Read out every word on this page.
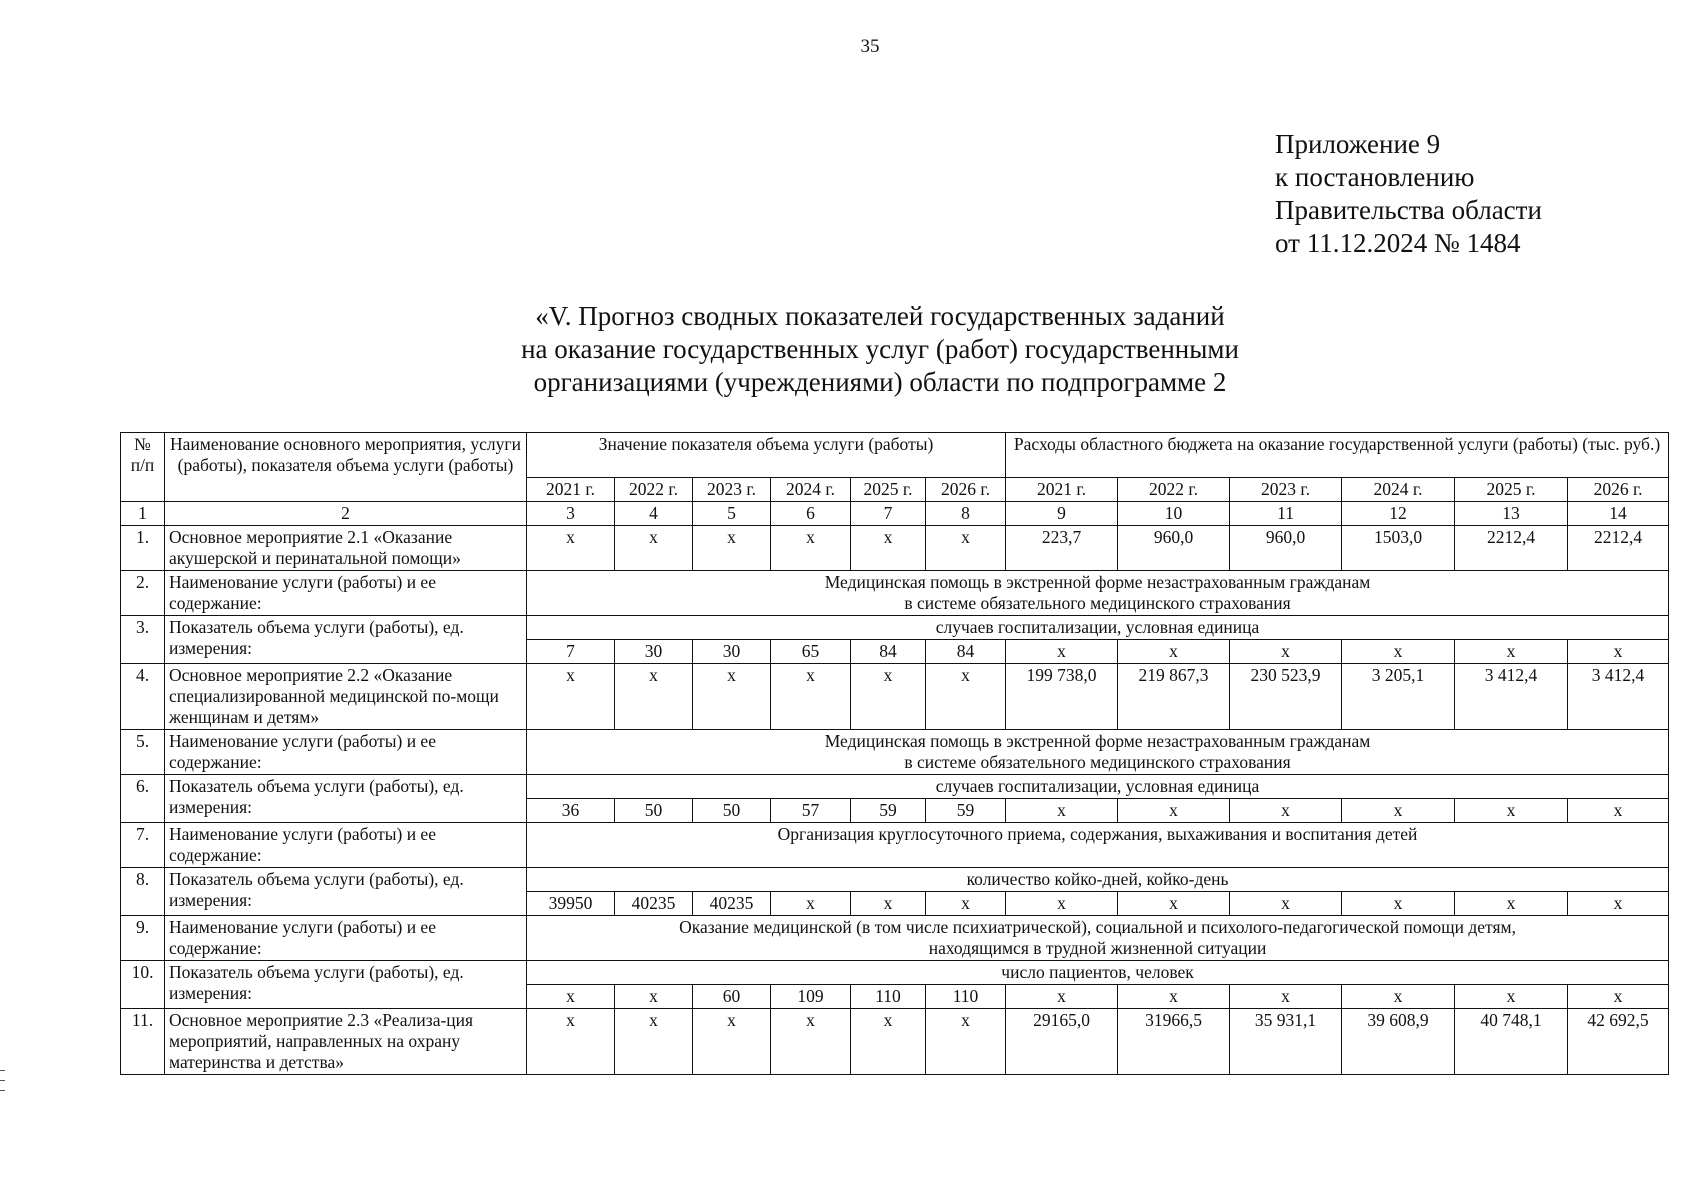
35
Приложение 9
к постановлению
Правительства области
от 11.12.2024 № 1484
«V. Прогноз сводных показателей государственных заданий
на оказание государственных услуг (работ) государственными
организациями (учреждениями) области по подпрограмме 2
№ п/п	Наименование основного мероприятия, услуги (работы), показателя объема услуги (работы)	Значение показателя объема услуги (работы)						Расходы областного бюджета на оказание государственной услуги (работы) (тыс. руб.)					
		2021 г.	2022 г.	2023 г.	2024 г.	2025 г.	2026 г.	2021 г.	2022 г.	2023 г.	2024 г.	2025 г.	2026 г.
1	2	3	4	5	6	7	8	9	10	11	12	13	14
1.	Основное мероприятие 2.1 «Оказание акушерской и перинатальной помощи»	х	х	х	х	х	х	223,7	960,0	960,0	1503,0	2212,4	2212,4
2.	Наименование услуги (работы) и ее содержание:	Медицинская помощь в экстренной форме незастрахованным гражданам
в системе обязательного медицинского страхования											

3.	Показатель объема услуги (работы), ед. измерения:	случаев госпитализации, условная единица											
		7	30	30	65	84	84	х	х	х	х	х	х
4.	Основное мероприятие 2.2 «Оказание специализированной медицинской по-мощи женщинам и детям»	х	х	х	х	х	х	199 738,0	219 867,3	230 523,9	3 205,1	3 412,4	3 412,4
5.	Наименование услуги (работы) и ее содержание:	Медицинская помощь в экстренной форме незастрахованным гражданам
в системе обязательного медицинского страхования											

6.	Показатель объема услуги (работы), ед. измерения:	случаев госпитализации, условная единица											
		36	50	50	57	59	59	х	х	х	х	х	х
7.	Наименование услуги (работы) и ее содержание:	Организация круглосуточного приема, содержания, выхаживания и воспитания детей											

8.	Показатель объема услуги (работы), ед. измерения:	количество койко-дней, койко-день											
		39950	40235	40235	х	х	х	х	х	х	х	х	х
9.	Наименование услуги (работы) и ее содержание:	Оказание медицинской (в том числе психиатрической), социальной и психолого-педагогической помощи детям,
находящимся в трудной жизненной ситуации											

10.	Показатель объема услуги (работы), ед. измерения:	число пациентов, человек											
		х	х	60	109	110	110	х	х	х	х	х	х
11.	Основное мероприятие 2.3 «Реализа-ция мероприятий, направленных на охрану материнства и детства»	х	х	х	х	х	х	29165,0	31966,5	35 931,1	39 608,9	40 748,1	42 692,5
